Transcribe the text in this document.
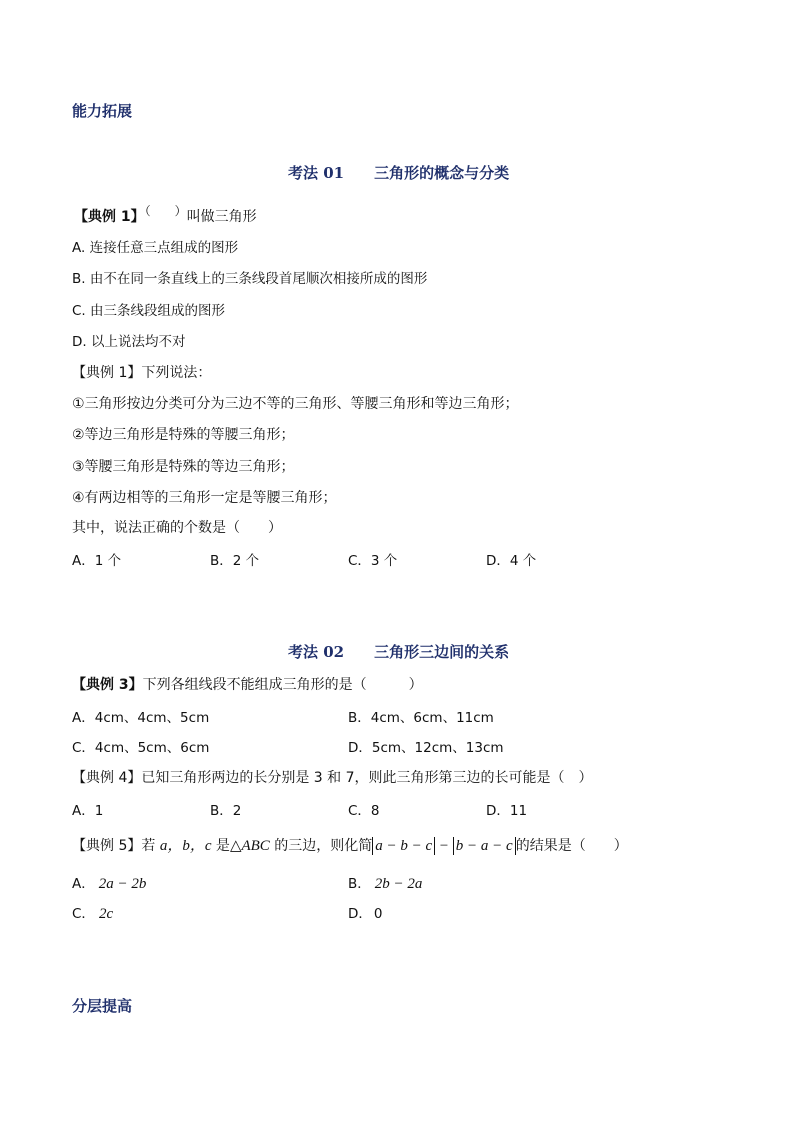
能力拓展
考法 01　　三角形的概念与分类
【典例 1】（　　）叫做三角形
A. 连接任意三点组成的图形
B. 由不在同一条直线上的三条线段首尾顺次相接所成的图形
C. 由三条线段组成的图形
D. 以上说法均不对
【典例 1】下列说法：
①三角形按边分类可分为三边不等的三角形、等腰三角形和等边三角形；
②等边三角形是特殊的等腰三角形；
③等腰三角形是特殊的等边三角形；
④有两边相等的三角形一定是等腰三角形；
其中，说法正确的个数是（　　）
A．1 个	B．2 个	C．3 个	D．4 个
考法 02　　三角形三边间的关系
【典例 3】下列各组线段不能组成三角形的是（　　　）
A．4cm、4cm、5cm	B．4cm、6cm、11cm
C．4cm、5cm、6cm	D．5cm、12cm、13cm
【典例 4】已知三角形两边的长分别是 3 和 7，则此三角形第三边的长可能是（　）
A．1	B．2	C．8	D．11
【典例 5】若 a，b，c 是△ABC 的三边，则化简 a − b − c − b − a − c 的结果是（　　）
A． 2a − 2b	B． 2b − 2a
C． 2c	D． 0
分层提高
